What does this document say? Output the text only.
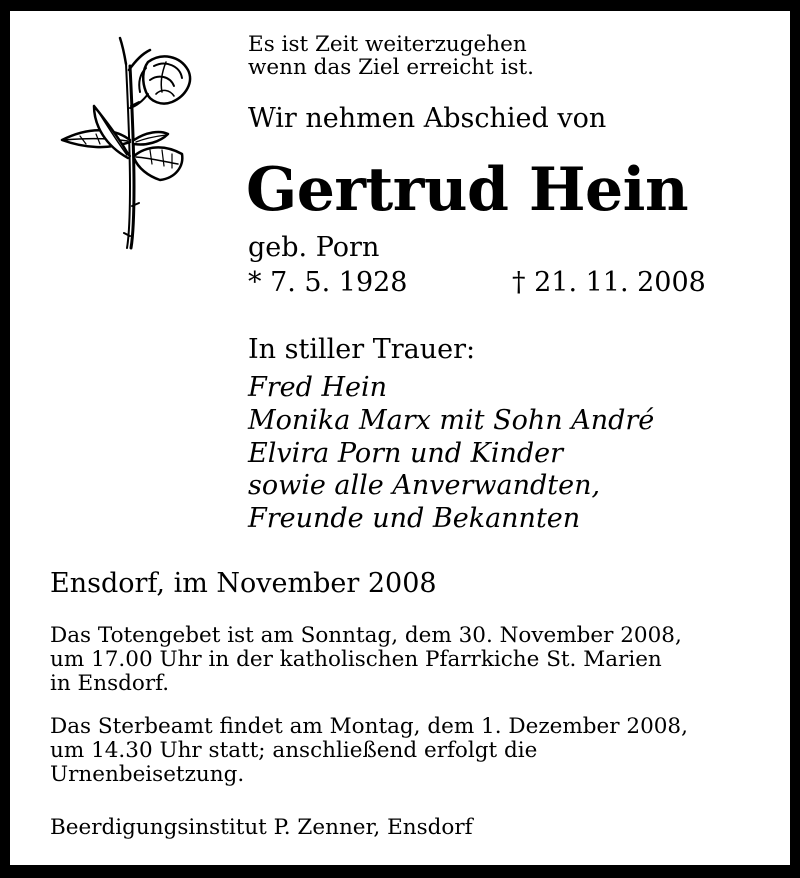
Es ist Zeit weiterzugehen
wenn das Ziel erreicht ist.
Wir nehmen Abschied von
Gertrud Hein
geb. Porn
* 7. 5. 1928	† 21. 11. 2008
In stiller Trauer:
Fred Hein
Monika Marx mit Sohn André
Elvira Porn und Kinder
sowie alle Anverwandten,
Freunde und Bekannten
Ensdorf, im November 2008
Das Totengebet ist am Sonntag, dem 30. November 2008,
um 17.00 Uhr in der katholischen Pfarrkiche St. Marien
in Ensdorf.
Das Sterbeamt findet am Montag, dem 1. Dezember 2008,
um 14.30 Uhr statt; anschließend erfolgt die
Urnenbeisetzung.
Beerdigungsinstitut P. Zenner, Ensdorf
